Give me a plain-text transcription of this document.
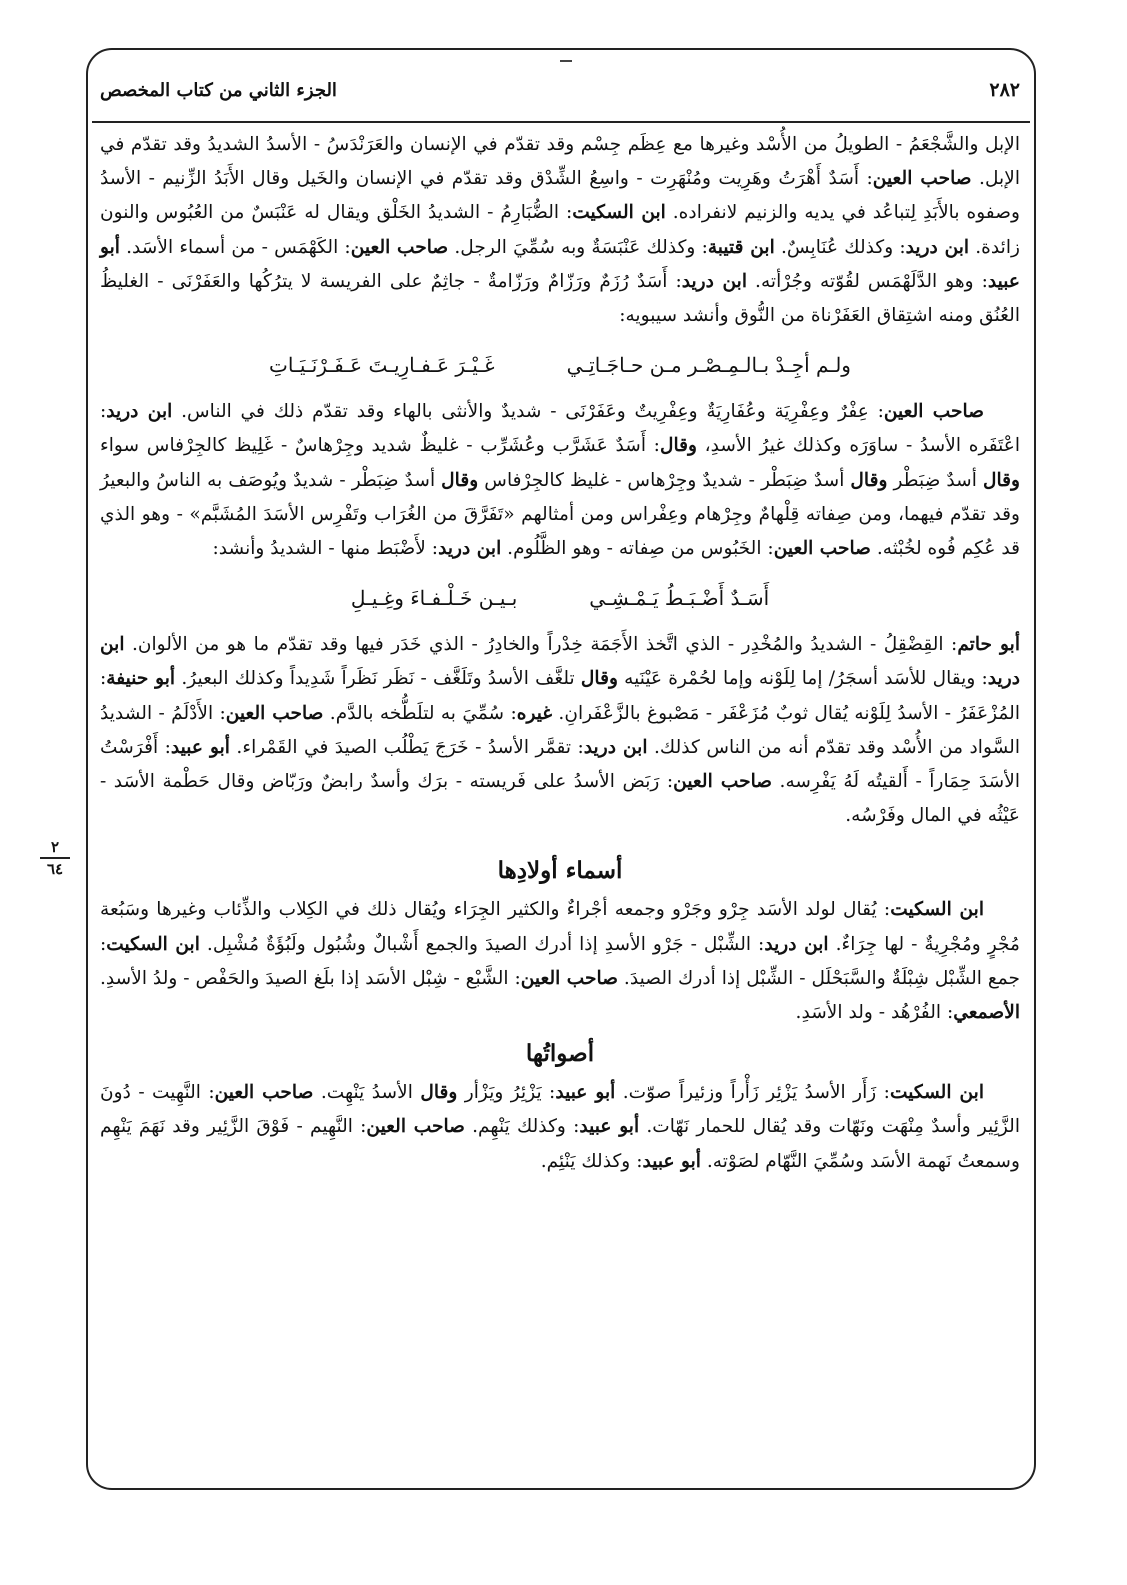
٢٨٢
الجزء الثاني من كتاب المخصص
٢
٦٤

الإبل والشَّجْعَمُ - الطويلُ من الأُسْد وغيرها مع عِظَم جِسْم وقد تقدّم في الإنسان والعَرَنْدَسُ - الأسدُ الشديدُ وقد تقدّم في الإبل. صاحب العين: أَسَدٌ أَهْرَتُ وهَرِيت ومُنْهَرِت - واسِعُ الشِّدْق وقد تقدّم في الإنسان والخَيل وقال الأَبَدُ الزِّنيم - الأسدُ وصفوه بالأَبَدِ لِتباعُد في يديه والزنيم لانفراده. ابن السكيت: الضُّبَارِمُ - الشديدُ الخَلْق ويقال له عَنْبَسٌ من العُبُوس والنون زائدة. ابن دريد: وكذلك عُنَابِسٌ. ابن قتيبة: وكذلك عَنْبَسَةٌ وبه سُمِّيَ الرجل. صاحب العين: الكَهْمَس - من أسماء الأسَد. أبو عبيد: وهو الدَّلَهْمَس لقُوّته وجُرْأته. ابن دريد: أَسَدٌ رُزَمٌ ورَزّامٌ ورَزّامةٌ - جاثِمٌ على الفريسة لا يترُكُها والعَفَرْنَى - الغليظُ العُنُق ومنه اشتِقاق العَفَرْناة من النُّوق وأنشد سيبويه:

ولـم أجِـدْ بـالـمِـصْـر مـن حـاجَـاتِـي
غَـيْـرَ عَـفـارِيـتَ عَـفَـرْنَـيَـاتِ

صاحب العين: عِفْرٌ وعِفْرِيَة وعُفَارِيَةٌ وعِفْرِيتٌ وعَفَرْنَى - شديدٌ والأنثى بالهاء وقد تقدّم ذلك في الناس. ابن دريد: اعْتَفَره الأسدُ - ساوَرَه وكذلك غيرُ الأسدِ، وقال: أَسَدٌ عَشَرَّب وعُشَرِّب - غليظٌ شديد وجِرْهاسٌ - غَلِيظ كالجِرْفاس سواء وقال أسدٌ ضِبَطْر وقال أسدٌ ضِبَطْر - شديدٌ وجِرْهاس - غليظ كالجِرْفاس وقال أسدٌ ضِبَطْر - شديدٌ ويُوصَف به الناسُ والبعيرُ وقد تقدّم فيهما، ومن صِفاته قِلْهامٌ وجِرْهام وعِفْراس ومن أمثالهم «تَفَرَّقَ من الغُرَاب وتَفْرِس الأسَدَ المُشَبَّم» - وهو الذي قد عُكِم فُوه لخُبْثه. صاحب العين: الخَبُوس من صِفاته - وهو الظَّلُوم. ابن دريد: لأَضْبَط منها - الشديدُ وأنشد:

أَسَـدٌ أَضْـبَـطُ يَـمْـشِـي
بـيـن خَـلْـفـاءَ وغِـيـلِ

أبو حاتم: القِضْقِلُ - الشديدُ والمُخْدِر - الذي اتَّخذ الأَجَمَة خِدْراً والخادِرُ - الذي خَدَر فيها وقد تقدّم ما هو من الألوان. ابن دريد: ويقال للأسَد أسجَرُ/ إما لِلَوْنه وإما لحُمْرة عَيْنَيه وقال تلغَّف الأسدُ وتَلَغَّف - نَظَر نَظَراً شَدِيداً وكذلك البعيرُ. أبو حنيفة: المُزْعَفَرُ - الأسدُ لِلَوْنه يُقال ثوبٌ مُزَعْفَر - مَصْبوغ بالزَّعْفَرانِ. غيره: سُمِّيَ به لتلَطُّخه بالدَّم. صاحب العين: الأَدْلَمُ - الشديدُ السَّواد من الأُسْد وقد تقدّم أنه من الناس كذلك. ابن دريد: تقمَّر الأسدُ - خَرَجَ يَطْلُب الصيدَ في القَمْراء. أبو عبيد: أَفْرَسْتُ الأسَدَ حِمَاراً - أَلقيتُه لَهُ يَفْرِسه. صاحب العين: رَبَض الأسدُ على فَريسته - برَك وأسدٌ رابضٌ ورَبّاض وقال حَطْمة الأسَد - عَيْثُه في المال وفَرْسُه.

أسماء أولادِها

ابن السكيت: يُقال لولد الأسَد جِرْو وجَرْو وجمعه أجْراءٌ والكثير الجِرَاء ويُقال ذلك في الكِلاب والذِّئاب وغيرها وسَبُعة مُجْرٍ ومُجْرِيةٌ - لها جِرَاءٌ. ابن دريد: الشِّبْل - جَرْو الأسدِ إذا أدرك الصيدَ والجمع أَشْبالٌ وشُبُول ولَبُؤَةٌ مُشْبِل. ابن السكيت: جمع الشِّبْل شِبْلَةٌ والسَّبَحْلَل - الشِّبْل إذا أدرك الصيدَ. صاحب العين: الشَّبْع - شِبْل الأسَد إذا بلَغ الصيدَ والحَفْص - ولدُ الأسدِ. الأصمعي: الفُرْهُد - ولد الأسَدِ.

أصواتُها

ابن السكيت: زَأَر الأسدُ يَزْئِر زَأْراً وزئيراً صوّت. أبو عبيد: يَزْئِرُ ويَزْأر وقال الأسدُ يَنْهِت. صاحب العين: النَّهِيت - دُونَ الزَّئِير وأسدٌ مِنْهَت ونَهّات وقد يُقال للحمار نَهّات. أبو عبيد: وكذلك يَنْهِم. صاحب العين: النَّهِيم - فَوْقَ الزَّئِير وقد نَهَمَ يَنْهِم وسمعتُ نَهمة الأسَد وسُمِّيَ النَّهّام لصَوْته. أبو عبيد: وكذلك يَنْئِم.
